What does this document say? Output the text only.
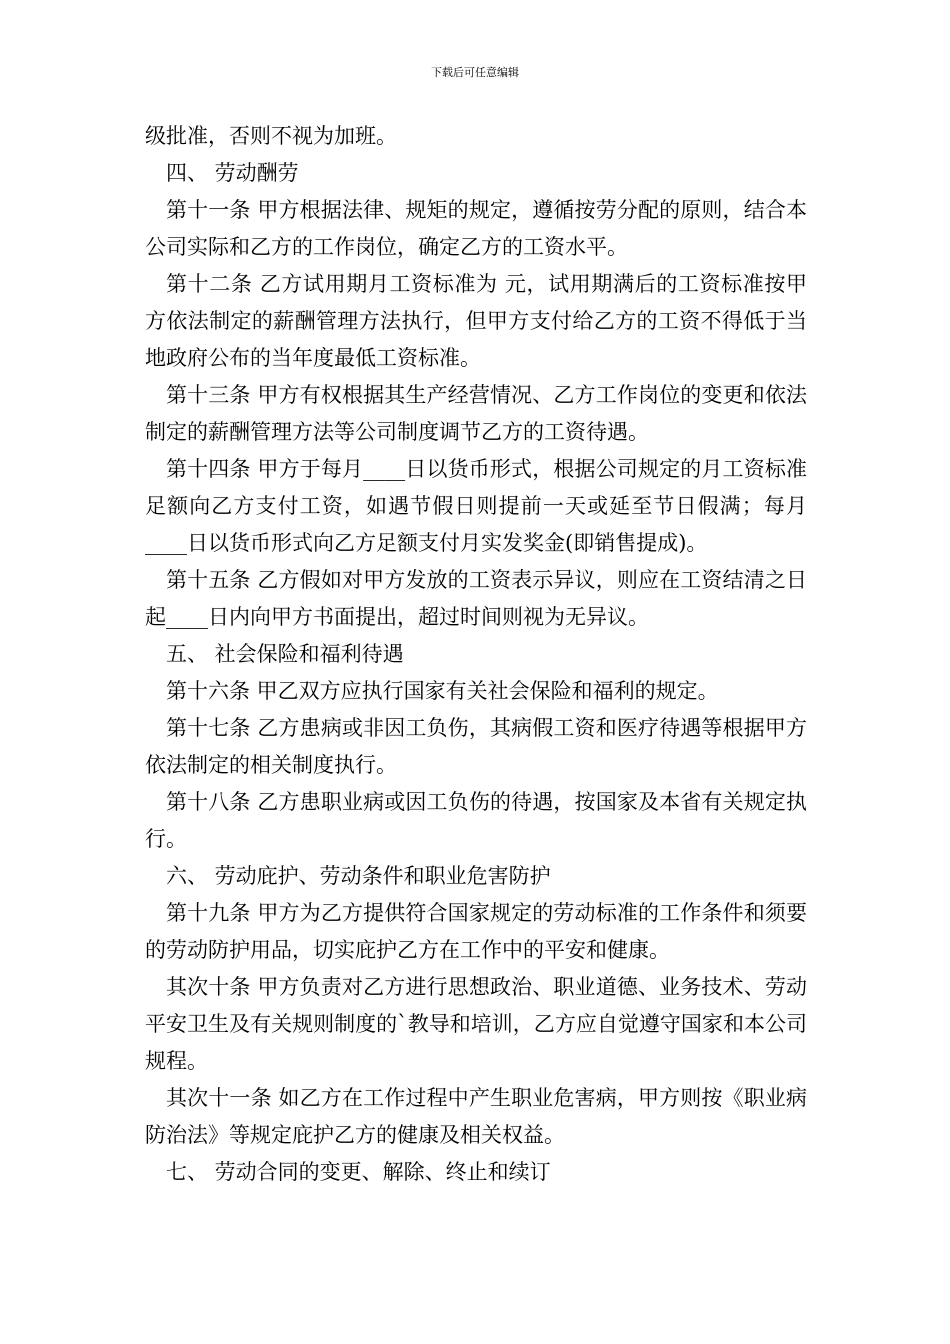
下载后可任意编辑

级批准，否则不视为加班。

四、 劳动酬劳

第十一条 甲方根据法律、规矩的规定，遵循按劳分配的原则，结合本公司实际和乙方的工作岗位，确定乙方的工资水平。

第十二条 乙方试用期月工资标准为 元，试用期满后的工资标准按甲方依法制定的薪酬管理方法执行，但甲方支付给乙方的工资不得低于当地政府公布的当年度最低工资标准。

第十三条 甲方有权根据其生产经营情况、乙方工作岗位的变更和依法制定的薪酬管理方法等公司制度调节乙方的工资待遇。

第十四条 甲方于每月____日以货币形式，根据公司规定的月工资标准足额向乙方支付工资，如遇节假日则提前一天或延至节日假满；每月____日以货币形式向乙方足额支付月实发奖金(即销售提成)。

第十五条 乙方假如对甲方发放的工资表示异议，则应在工资结清之日起____日内向甲方书面提出，超过时间则视为无异议。

五、 社会保险和福利待遇

第十六条 甲乙双方应执行国家有关社会保险和福利的规定。

第十七条 乙方患病或非因工负伤，其病假工资和医疗待遇等根据甲方依法制定的相关制度执行。

第十八条 乙方患职业病或因工负伤的待遇，按国家及本省有关规定执行。

六、 劳动庇护、劳动条件和职业危害防护

第十九条 甲方为乙方提供符合国家规定的劳动标准的工作条件和须要的劳动防护用品，切实庇护乙方在工作中的平安和健康。

其次十条 甲方负责对乙方进行思想政治、职业道德、业务技术、劳动平安卫生及有关规则制度的`教导和培训，乙方应自觉遵守国家和本公司规程。

其次十一条 如乙方在工作过程中产生职业危害病，甲方则按《职业病防治法》等规定庇护乙方的健康及相关权益。

七、 劳动合同的变更、解除、终止和续订
